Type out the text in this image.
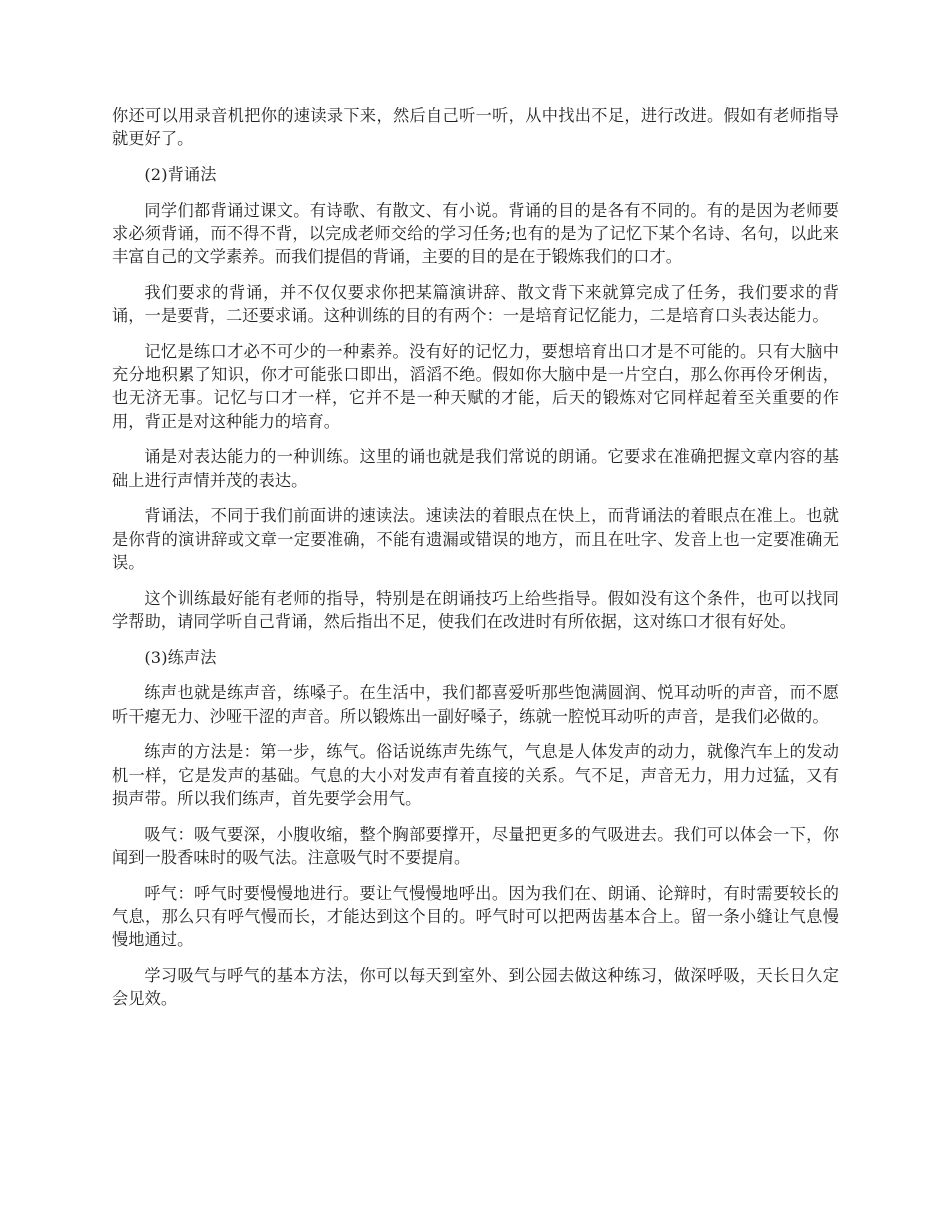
你还可以用录音机把你的速读录下来，然后自己听一听，从中找出不足，进行改进。假如有老师指导就更好了。

(2)背诵法

同学们都背诵过课文。有诗歌、有散文、有小说。背诵的目的是各有不同的。有的是因为老师要求必须背诵，而不得不背，以完成老师交给的学习任务;也有的是为了记忆下某个名诗、名句，以此来丰富自己的文学素养。而我们提倡的背诵，主要的目的是在于锻炼我们的口才。

我们要求的背诵，并不仅仅要求你把某篇演讲辞、散文背下来就算完成了任务，我们要求的背诵，一是要背，二还要求诵。这种训练的目的有两个：一是培育记忆能力，二是培育口头表达能力。

记忆是练口才必不可少的一种素养。没有好的记忆力，要想培育出口才是不可能的。只有大脑中充分地积累了知识，你才可能张口即出，滔滔不绝。假如你大脑中是一片空白，那么你再伶牙俐齿，也无济无事。记忆与口才一样，它并不是一种天赋的才能，后天的锻炼对它同样起着至关重要的作用，背正是对这种能力的培育。

诵是对表达能力的一种训练。这里的诵也就是我们常说的朗诵。它要求在准确把握文章内容的基础上进行声情并茂的表达。

背诵法，不同于我们前面讲的速读法。速读法的着眼点在快上，而背诵法的着眼点在准上。也就是你背的演讲辞或文章一定要准确，不能有遗漏或错误的地方，而且在吐字、发音上也一定要准确无误。

这个训练最好能有老师的指导，特别是在朗诵技巧上给些指导。假如没有这个条件，也可以找同学帮助，请同学听自己背诵，然后指出不足，使我们在改进时有所依据，这对练口才很有好处。

(3)练声法

练声也就是练声音，练嗓子。在生活中，我们都喜爱听那些饱满圆润、悦耳动听的声音，而不愿听干瘪无力、沙哑干涩的声音。所以锻炼出一副好嗓子，练就一腔悦耳动听的声音，是我们必做的。

练声的方法是：第一步，练气。俗话说练声先练气，气息是人体发声的动力，就像汽车上的发动机一样，它是发声的基础。气息的大小对发声有着直接的关系。气不足，声音无力，用力过猛，又有损声带。所以我们练声，首先要学会用气。

吸气：吸气要深，小腹收缩，整个胸部要撑开，尽量把更多的气吸进去。我们可以体会一下，你闻到一股香味时的吸气法。注意吸气时不要提肩。

呼气：呼气时要慢慢地进行。要让气慢慢地呼出。因为我们在、朗诵、论辩时，有时需要较长的气息，那么只有呼气慢而长，才能达到这个目的。呼气时可以把两齿基本合上。留一条小缝让气息慢慢地通过。

学习吸气与呼气的基本方法，你可以每天到室外、到公园去做这种练习，做深呼吸，天长日久定会见效。
